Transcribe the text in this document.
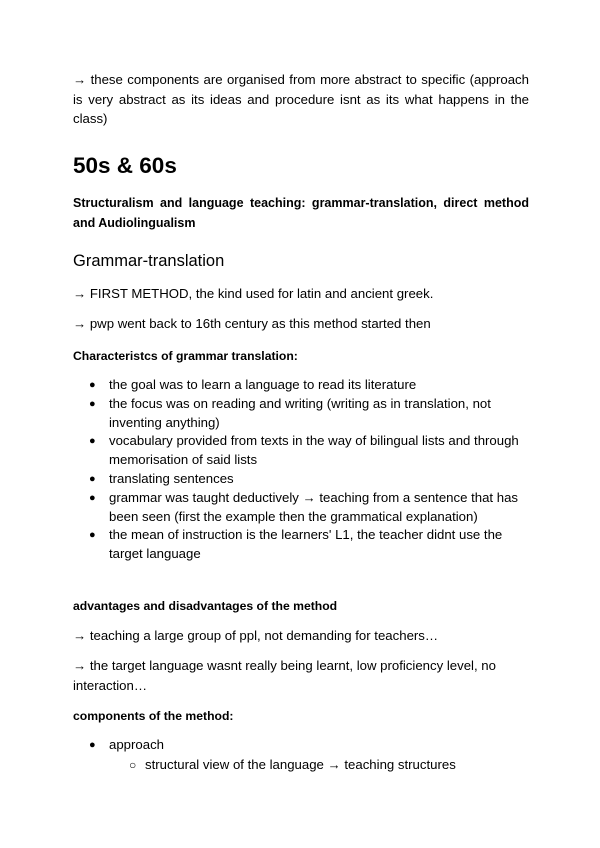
→ these components are organised from more abstract to specific (approach is very abstract as its ideas and procedure isnt as its what happens in the class)
50s & 60s
Structuralism and language teaching: grammar-translation, direct method and Audiolingualism
Grammar-translation
→ FIRST METHOD, the kind used for latin and ancient greek.
→ pwp went back to 16th century as this method started then
Characteristcs of grammar translation:
● the goal was to learn a language to read its literature
● the focus was on reading and writing (writing as in translation, not inventing anything)
● vocabulary provided from texts in the way of bilingual lists and through memorisation of said lists
● translating sentences
● grammar was taught deductively → teaching from a sentence that has been seen (first the example then the grammatical explanation)
● the mean of instruction is the learners' L1, the teacher didnt use the target language
advantages and disadvantages of the method
→ teaching a large group of ppl, not demanding for teachers…
→ the target language wasnt really being learnt, low proficiency level, no interaction…
components of the method:
● approach
○ structural view of the language → teaching structures
